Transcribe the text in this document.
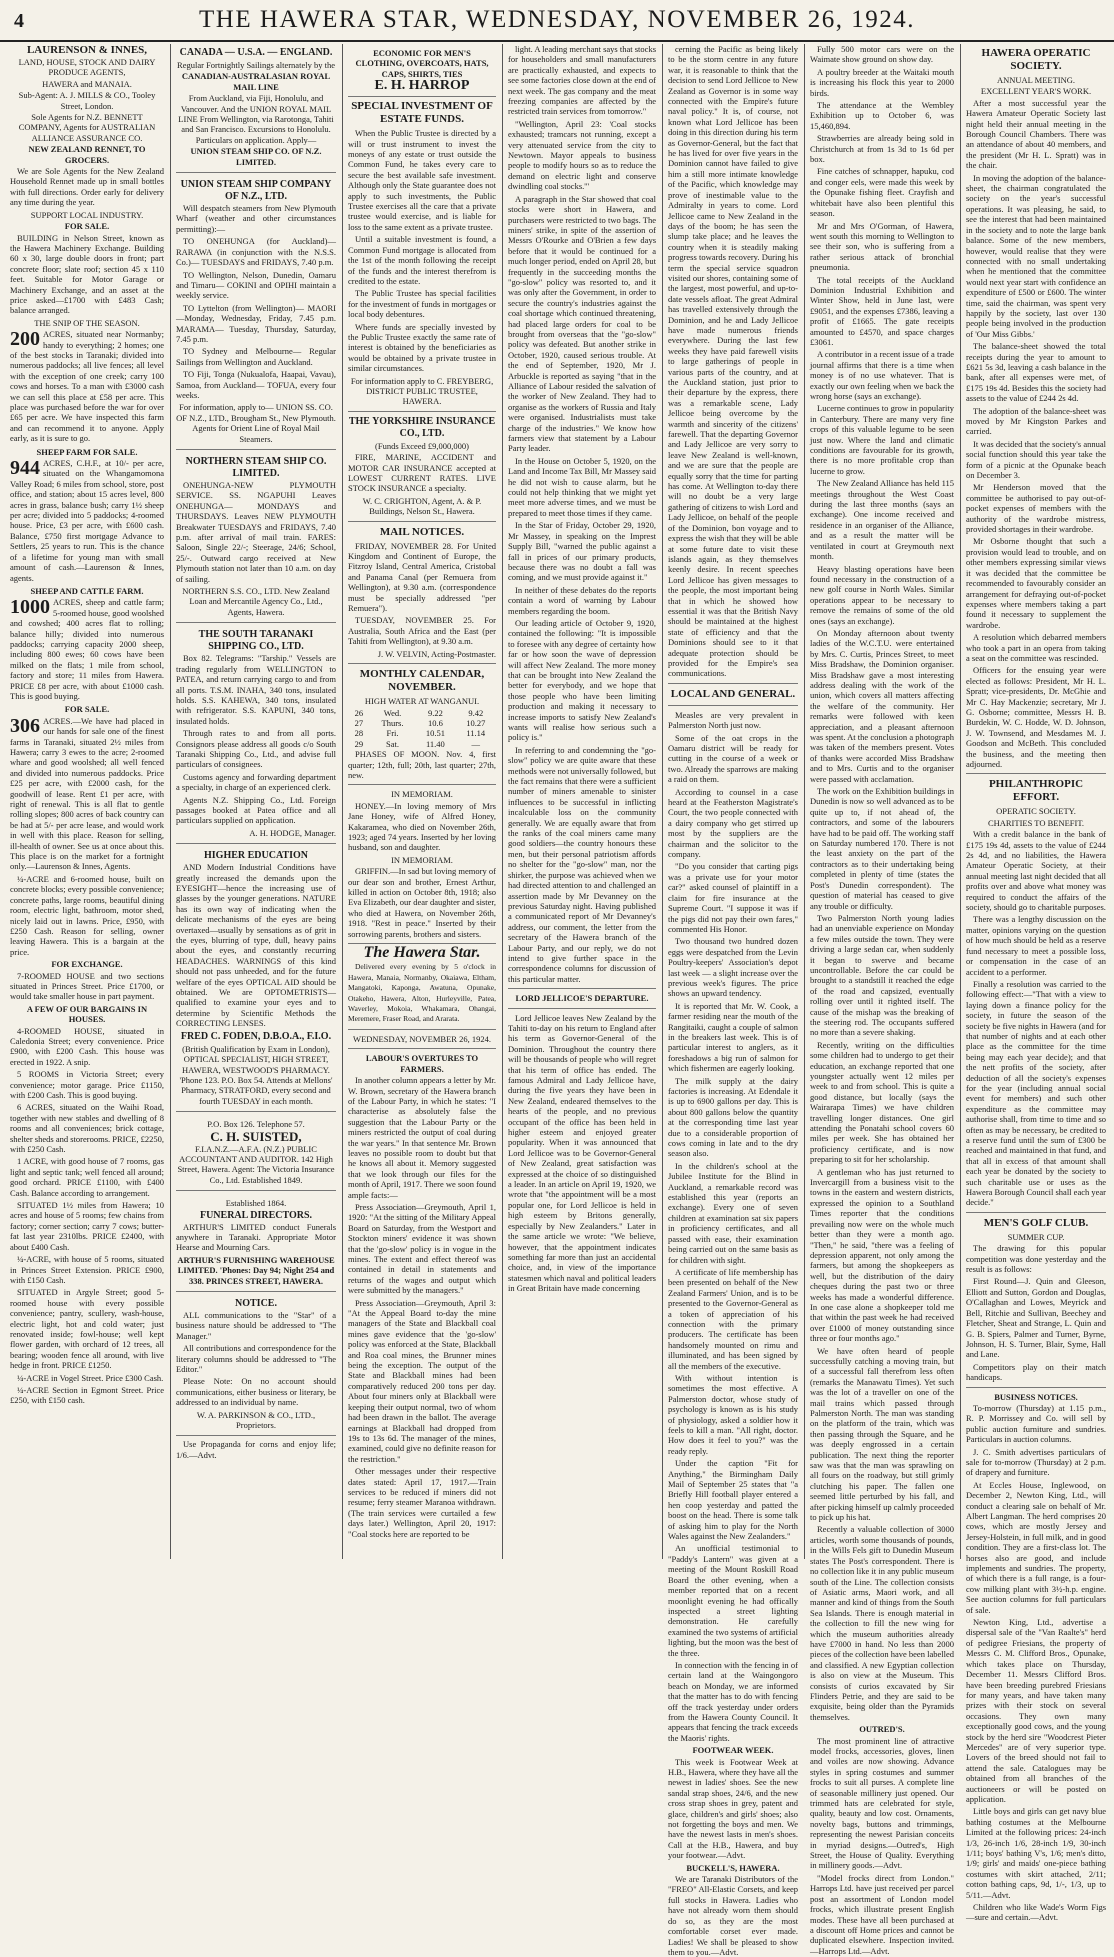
4	THE HAWERA STAR, WEDNESDAY, NOVEMBER 26, 1924.
LAURENSON & INNES,
LAND, HOUSE, STOCK AND DAIRY PRODUCE AGENTS,
HAWERA and MANAIA.
Sub-Agent: A. J. MILLS & CO., Tooley Street, London.
Sole Agents for N.Z. BENNETT COMPANY, Agents for AUSTRALIAN ALLIANCE ASSURANCE CO.
NEW ZEALAND RENNET, TO GROCERS.

We are Sole Agents for the New Zealand Household Rennet made up in small bottles with full directions. Order early for delivery any time during the year.

SUPPORT LOCAL INDUSTRY.
FOR SALE.

BUILDING in Nelson Street, known as the Hawera Machinery Exchange. Building 60 x 30, large double doors in front; part concrete floor; slate roof; section 45 x 110 feet. Suitable for Motor Garage or Machinery Exchange, and an asset at the price asked—£1700 with £483 Cash; balance arranged.

THE SNIP OF THE SEASON.

200 ACRES, situated near Normanby; handy to everything; 2 homes; one of the best stocks in Taranaki; divided into numerous paddocks; all live fences; all level with the exception of one creek; carry 100 cows and horses. To a man with £3000 cash we can sell this place at £58 per acre. This place was purchased before the war for over £65 per acre. We have inspected this farm and can recommend it to anyone. Apply early, as it is sure to go.

SHEEP FARM FOR SALE.

944 ACRES, C.H.F., at 10/- per acre, situated on the Whangamomona Valley Road; 6 miles from school, store, post office, and station; about 15 acres level, 800 acres in grass, balance bush; carry 1½ sheep per acre; divided into 5 paddocks; 4-roomed house. Price, £3 per acre, with £600 cash. Balance, £750 first mortgage Advance to Settlers, 25 years to run. This is the chance of a lifetime for young man with small amount of cash.—Laurenson & Innes, agents.

SHEEP AND CATTLE FARM.

1000 ACRES, sheep and cattle farm; 5-roomed house, good woolshed and cowshed; 400 acres flat to rolling; balance hilly; divided into numerous paddocks; carrying capacity 2000 sheep, including 800 ewes; 60 cows have been milked on the flats; 1 mile from school, factory and store; 11 miles from Hawera. PRICE £8 per acre, with about £1000 cash. This is good buying.

FOR SALE.

306 ACRES.—We have had placed in our hands for sale one of the finest farms in Taranaki, situated 2½ miles from Hawera; carry 3 ewes to the acre; 2-roomed whare and good woolshed; all well fenced and divided into numerous paddocks. Price £25 per acre, with £2000 cash, for the goodwill of lease. Rent £1 per acre, with right of renewal. This is all flat to gentle rolling slopes; 800 acres of back country can be had at 5/- per acre lease, and would work in well with this place. Reason for selling, ill-health of owner. See us at once about this. This place is on the market for a fortnight only.—Laurenson & Innes, Agents.

¼-ACRE and 6-roomed house, built on concrete blocks; every possible convenience; concrete paths, large rooms, beautiful dining room, electric light, bathroom, motor shed, nicely laid out in lawns. Price, £950, with £250 Cash. Reason for selling, owner leaving Hawera. This is a bargain at the price.

FOR EXCHANGE.

7-ROOMED HOUSE and two sections situated in Princes Street. Price £1700, or would take smaller house in part payment.

A FEW OF OUR BARGAINS IN HOUSES.

4-ROOMED HOUSE, situated in Caledonia Street; every convenience. Price £900, with £200 Cash. This house was erected in 1922. A snip.

5 ROOMS in Victoria Street; every convenience; motor garage. Price £1150, with £200 Cash. This is good buying.

6 ACRES, situated on the Waihi Road, together with new stables and dwelling of 8 rooms and all conveniences; brick cottage, shelter sheds and storerooms. PRICE, £2250, with £250 Cash.

1 ACRE, with good house of 7 rooms, gas light and septic tank; well fenced all around; good orchard. PRICE £1100, with £400 Cash. Balance according to arrangement.

SITUATED 1½ miles from Hawera; 10 acres and house of 5 rooms; few chains from factory; corner section; carry 7 cows; butter-fat last year 2310lbs. PRICE £2400, with about £400 Cash.

¼-ACRE, with house of 5 rooms, situated in Princes Street Extension. PRICE £900, with £150 Cash.

SITUATED in Argyle Street; good 5-roomed house with every possible convenience; pantry, scullery, wash-house, electric light, hot and cold water; just renovated inside; fowl-house; well kept flower garden, with orchard of 12 trees, all bearing; wooden fence all around, with live hedge in front. PRICE £1250.

¼-ACRE in Vogel Street. Price £300 Cash.

¼-ACRE Section in Egmont Street. Price £250, with £150 cash.

CANADA — U.S.A. — ENGLAND.
Regular Fortnightly Sailings alternately by the
CANADIAN-AUSTRALASIAN ROYAL MAIL LINE
From Auckland, via Fiji, Honolulu, and Vancouver. And the UNION ROYAL MAIL LINE From Wellington, via Rarotonga, Tahiti and San Francisco. Excursions to Honolulu. Particulars on application. Apply—
UNION STEAM SHIP CO. OF N.Z. LIMITED.
UNION STEAM SHIP COMPANY OF N.Z., LTD.

Will despatch steamers from New Plymouth Wharf (weather and other circumstances permitting):—

TO ONEHUNGA (for Auckland)—RARAWA (in conjunction with the N.S.S. Co.)— TUESDAYS and FRIDAYS, 7.40 p.m.

TO Wellington, Nelson, Dunedin, Oamaru and Timaru— COKINI and OPIHI maintain a weekly service.

TO Lyttelton (from Wellington)— MAORI—Monday, Wednesday, Friday, 7.45 p.m. MARAMA— Tuesday, Thursday, Saturday, 7.45 p.m.

TO Sydney and Melbourne— Regular Sailings from Wellington and Auckland.

TO Fiji, Tonga (Nukualofa, Haapai, Vavau), Samoa, from Auckland— TOFUA, every four weeks.

For information, apply to— UNION SS. CO. OF N.Z., LTD., Brougham St., New Plymouth. Agents for Orient Line of Royal Mail Steamers.
NORTHERN STEAM SHIP CO. LIMITED.

ONEHUNGA-NEW PLYMOUTH SERVICE. SS. NGAPUHI Leaves ONEHUNGA— MONDAYS and THURSDAYS. Leaves NEW PLYMOUTH Breakwater TUESDAYS and FRIDAYS, 7.40 p.m. after arrival of mail train. FARES: Saloon, Single 22/-; Steerage, 24/6; School, 25/-. Outward cargo received at New Plymouth station not later than 10 a.m. on day of sailing.

NORTHERN S.S. CO., LTD. New Zealand Loan and Mercantile Agency Co., Ltd., Agents, Hawera.
THE SOUTH TARANAKI SHIPPING CO., LTD.

Box 82. Telegrams: "Tarship." Vessels are trading regularly from WELLINGTON to PATEA, and return carrying cargo to and from all ports. T.S.M. INAHA, 340 tons, insulated holds. S.S. KAHEWA, 340 tons, insulated with refrigerator. S.S. KAPUNI, 340 tons, insulated holds.

Through rates to and from all ports. Consignors please address all goods c/o South Taranaki Shipping Co., Ltd., and advise full particulars of consignees.

Customs agency and forwarding department a specialty, in charge of an experienced clerk.

Agents N.Z. Shipping Co., Ltd. Foreign passages booked at Patea office and all particulars supplied on application.

A. H. HODGE, Manager.
HIGHER EDUCATION

AND Modern Industrial Conditions have greatly increased the demands upon the EYESIGHT—hence the increasing use of glasses by the younger generations. NATURE has its own way of indicating when the delicate mechanisms of the eyes are being overtaxed—usually by sensations as of grit in the eyes, blurring of type, dull, heavy pains about the eyes, and constantly recurring HEADACHES. WARNINGS of this kind should not pass unheeded, and for the future welfare of the eyes OPTICAL AID should be obtained. We are OPTOMETRISTS—qualified to examine your eyes and to determine by Scientific Methods the CORRECTING LENSES.

FRED C. FODEN, D.B.O.A., F.I.O.
(British Qualification by Exam in London), OPTICAL SPECIALIST, HIGH STREET, HAWERA, WESTWOOD'S PHARMACY. 'Phone 123. P.O. Box 54. Attends at Mellons' Pharmacy, STRATFORD, every second and fourth TUESDAY in each month.
P.O. Box 126. Telephone 57.
C. H. SUISTED,
F.I.A.N.Z.—A.F.A. (N.Z.) PUBLIC ACCOUNTANT AND AUDITOR. 142 High Street, Hawera. Agent: The Victoria Insurance Co., Ltd. Established 1849.
Established 1864.
FUNERAL DIRECTORS.

ARTHUR'S LIMITED conduct Funerals anywhere in Taranaki. Appropriate Motor Hearse and Mourning Cars.

ARTHUR'S FURNISHING WAREHOUSE LIMITED. 'Phones: Day 94; Night 254 and 338. PRINCES STREET, HAWERA.
NOTICE.

ALL communications to the "Star" of a business nature should be addressed to "The Manager."

All contributions and correspondence for the literary columns should be addressed to "The Editor."

Please Note: On no account should communications, either business or literary, be addressed to an individual by name.

W. A. PARKINSON & CO., LTD., Proprietors.

Use Propaganda for corns and enjoy life; 1/6.—Advt.

ECONOMIC FOR MEN'S CLOTHING, OVERCOATS, HATS, CAPS, SHIRTS, TIES
E. H. HARROP
SPECIAL INVESTMENT OF ESTATE FUNDS.

When the Public Trustee is directed by a will or trust instrument to invest the moneys of any estate or trust outside the Common Fund, he takes every care to secure the best available safe investment. Although only the State guarantee does not apply to such investments, the Public Trustee exercises all the care that a private trustee would exercise, and is liable for loss to the same extent as a private trustee.

Until a suitable investment is found, a Common Fund mortgage is allocated from the 1st of the month following the receipt of the funds and the interest therefrom is credited to the estate.

The Public Trustee has special facilities for the investment of funds in mortgages or local body debentures.

Where funds are specially invested by the Public Trustee exactly the same rate of interest is obtained by the beneficiaries as would be obtained by a private trustee in similar circumstances.

For information apply to C. FREYBERG, DISTRICT PUBLIC TRUSTEE, HAWERA.
THE YORKSHIRE INSURANCE CO., LTD.
(Funds Exceed £9,000,000)

FIRE, MARINE, ACCIDENT and MOTOR CAR INSURANCE accepted at LOWEST CURRENT RATES. LIVE STOCK INSURANCE a specialty.

W. C. CRIGHTON, Agent, A. & P. Buildings, Nelson St., Hawera.
MAIL NOTICES.

FRIDAY, NOVEMBER 28. For United Kingdom and Continent of Europe, the Fitzroy Island, Central America, Cristobal and Panama Canal (per Remuera from Wellington), at 9.30 a.m. (correspondence must be specially addressed "per Remuera").

TUESDAY, NOVEMBER 25. For Australia, South Africa and the East (per Tahiti from Wellington), at 9.30 a.m.

J. W. VELVIN, Acting-Postmaster.
MONTHLY CALENDAR, NOVEMBER.
HIGH WATER AT WANGANUI.
26	Wed.	9.22	9.42
27	Thurs.	10.6	10.27
28	Fri.	10.51	11.14
29	Sat.	11.40	—

PHASES OF MOON. Nov. 4, first quarter; 12th, full; 20th, last quarter; 27th, new.

IN MEMORIAM.

HONEY.—In loving memory of Mrs Jane Honey, wife of Alfred Honey, Kakaramea, who died on November 26th, 1923; aged 74 years. Inserted by her loving husband, son and daughter.

IN MEMORIAM.

GRIFFIN.—In sad but loving memory of our dear son and brother, Ernest Arthur, killed in action on October 8th, 1918; also Eva Elizabeth, our dear daughter and sister, who died at Hawera, on November 26th, 1918. "Rest in peace." Inserted by their sorrowing parents, brothers and sisters.

The Hawera Star.

Delivered every evening by 5 o'clock in Hawera, Manaia, Normanby, Okaiawa, Eltham, Mangatoki, Kaponga, Awatuna, Opunake, Otakeho, Hawera, Alton, Hurleyville, Patea, Waverley, Mokoia, Whakamara, Ohangai, Meremere, Fraser Road, and Ararata.

WEDNESDAY, NOVEMBER 26, 1924.
LABOUR'S OVERTURES TO FARMERS.

In another column appears a letter by Mr. W. Brown, secretary of the Hawera branch of the Labour Party, in which he states: "I characterise as absolutely false the suggestion that the Labour Party or the miners restricted the output of coal during the war years." In that sentence Mr. Brown leaves no possible room to doubt but that he knows all about it. Memory suggested that we look through our files for the month of April, 1917. There we soon found ample facts:—

Press Association—Greymouth, April 1, 1920: "At the sitting of the Military Appeal Board on Saturday, from the Westport and Stockton miners' evidence it was shown that the 'go-slow' policy is in vogue in the mines. The extent and effect thereof was contained in detail in statements and returns of the wages and output which were submitted by the managers."

Press Association—Greymouth, April 3: "At the Appeal Board to-day the mine managers of the State and Blackball coal mines gave evidence that the 'go-slow' policy was enforced at the State, Blackball and Roa coal mines, the Brunner mines being the exception. The output of the State and Blackball mines had been comparatively reduced 200 tons per day. About four miners only at Blackball were keeping their output normal, two of whom had been drawn in the ballot. The average earnings at Blackball had dropped from 19s to 13s 6d. The manager of the mines, examined, could give no definite reason for the restriction."

Other messages under their respective dates stated: April 17, 1917.—Train services to be reduced if miners did not resume; ferry steamer Maranoa withdrawn. (The train services were curtailed a few days later.) Wellington, April 20, 1917: "Coal stocks here are reported to be

light. A leading merchant says that stocks for householders and small manufacturers are practically exhausted, and expects to see some factories close down at the end of next week. The gas company and the meat freezing companies are affected by the restricted train services from tomorrow."

"Wellington, April 23: 'Coal stocks exhausted; tramcars not running, except a very attenuated service from the city to Newtown. Mayor appeals to business people to modify hours so as to reduce the demand on electric light and conserve dwindling coal stocks.'"

A paragraph in the Star showed that coal stocks were short in Hawera, and purchasers were restricted to two bags. The miners' strike, in spite of the assertion of Messrs O'Rourke and O'Brien a few days before that it would be continued for a much longer period, ended on April 28, but frequently in the succeeding months the "go-slow" policy was resorted to, and it was only after the Government, in order to secure the country's industries against the coal shortage which continued threatening, had placed large orders for coal to be brought from overseas that the "go-slow" policy was defeated. But another strike in October, 1920, caused serious trouble. At the end of September, 1920, Mr J. Arbuckle is reported as saying "that in the Alliance of Labour resided the salvation of the worker of New Zealand. They had to organise as the workers of Russia and Italy were organised. Industrialists must take charge of the industries." We know how farmers view that statement by a Labour Party leader.

In the House on October 5, 1920, on the Land and Income Tax Bill, Mr Massey said he did not wish to cause alarm, but he could not help thinking that we might yet meet more adverse times, and we must be prepared to meet those times if they came.

In the Star of Friday, October 29, 1920, Mr Massey, in speaking on the Imprest Supply Bill, "warned the public against a fall in prices of our primary products, because there was no doubt a fall was coming, and we must provide against it."

In neither of these debates do the reports contain a word of warning by Labour members regarding the boom.

Our leading article of October 9, 1920, contained the following: "It is impossible to foresee with any degree of certainty how far or how soon the wave of depression will affect New Zealand. The more money that can be brought into New Zealand the better for everybody, and we hope that those people who have been limiting production and making it necessary to increase imports to satisfy New Zealand's wants will realise how serious such a policy is."

In referring to and condemning the "go-slow" policy we are quite aware that these methods were not universally followed, but the fact remains that there were a sufficient number of miners amenable to sinister influences to be successful in inflicting incalculable loss on the community generally. We are equally aware that from the ranks of the coal miners came many good soldiers—the country honours these men, but their personal patriotism affords no shelter for the "go-slow" man, nor the shirker, the purpose was achieved when we had directed attention to and challenged an assertion made by Mr Devanney on the previous Saturday night. Having published a communicated report of Mr Devanney's address, our comment, the letter from the secretary of the Hawera branch of the Labour Party, and our reply, we do not intend to give further space in the correspondence columns for discussion of this particular matter.

LORD JELLICOE'S DEPARTURE.

Lord Jellicoe leaves New Zealand by the Tahiti to-day on his return to England after his term as Governor-General of the Dominion. Throughout the country there will be thousands of people who will regret that his term of office has ended. The famous Admiral and Lady Jellicoe have, during the five years they have been in New Zealand, endeared themselves to the hearts of the people, and no previous occupant of the office has been held in higher esteem and enjoyed greater popularity. When it was announced that Lord Jellicoe was to be Governor-General of New Zealand, great satisfaction was expressed at the choice of so distinguished a leader. In an article on April 19, 1920, we wrote that "the appointment will be a most popular one, for Lord Jellicoe is held in high esteem by Britons generally, especially by New Zealanders." Later in the same article we wrote: "We believe, however, that the appointment indicates something far more than just an accidental choice, and, in view of the importance statesmen which naval and political leaders in Great Britain have made concerning

cerning the Pacific as being likely to be the storm centre in any future war, it is reasonable to think that the decision to send Lord Jellicoe to New Zealand as Governor is in some way connected with the Empire's future naval policy." It is, of course, not known what Lord Jellicoe has been doing in this direction during his term as Governor-General, but the fact that he has lived for over five years in the Dominion cannot have failed to give him a still more intimate knowledge of the Pacific, which knowledge may prove of inestimable value to the Admiralty in years to come. Lord Jellicoe came to New Zealand in the days of the boom; he has seen the slump take place; and he leaves the country when it is steadily making progress towards recovery. During his term the special service squadron visited our shores, containing some of the largest, most powerful, and up-to-date vessels afloat. The great Admiral has travelled extensively through the Dominion, and he and Lady Jellicoe have made numerous friends everywhere. During the last few weeks they have paid farewell visits to large gatherings of people in various parts of the country, and at the Auckland station, just prior to their departure by the express, there was a remarkable scene, Lady Jellicoe being overcome by the warmth and sincerity of the citizens' farewell. That the departing Governor and Lady Jellicoe are very sorry to leave New Zealand is well-known, and we are sure that the people are equally sorry that the time for parting has come. At Wellington to-day there will no doubt be a very large gathering of citizens to wish Lord and Lady Jellicoe, on behalf of the people of the Dominion, bon voyage and to express the wish that they will be able at some future date to visit these islands again, as they themselves keenly desire. In recent speeches Lord Jellicoe has given messages to the people, the most important being that in which he showed how essential it was that the British Navy should be maintained at the highest state of efficiency and that the Dominions should see to it that adequate protection should be provided for the Empire's sea communications.

LOCAL AND GENERAL.

Measles are very prevalent in Palmerston North just now.

Some of the oat crops in the Oamaru district will be ready for cutting in the course of a week or two. Already the sparrows are making a raid on them.

According to counsel in a case heard at the Featherston Magistrate's Court, the two people connected with a dairy company who get stirred up most by the suppliers are the chairman and the solicitor to the company.

"Do you consider that carting pigs was a private use for your motor car?" asked counsel of plaintiff in a claim for fire insurance at the Supreme Court. "I suppose it was if the pigs did not pay their own fares," commented His Honor.

Two thousand two hundred dozen eggs were despatched from the Levin Poultry-keepers' Association's depot last week — a slight increase over the previous week's figures. The price shows an upward tendency.

It is reported that Mr. W. Cook, a farmer residing near the mouth of the Rangitaiki, caught a couple of salmon in the breakers last week. This is of particular interest to anglers, as it foreshadows a big run of salmon for which fishermen are eagerly looking.

The milk supply at the dairy factories is increasing. At Edendale it is up to 6900 gallons per day. This is about 800 gallons below the quantity at the corresponding time last year due to a considerable proportion of cows coming in late and to the dry season also.

In the children's school at the Jubilee Institute for the Blind in Auckland, a remarkable record was established this year (reports an exchange). Every one of seven children at examination sat six papers in proficiency certificates, and all passed with ease, their examination being carried out on the same basis as for children with sight.

A certificate of life membership has been presented on behalf of the New Zealand Farmers' Union, and is to be presented to the Governor-General as a token of appreciation of his connection with the primary producers. The certificate has been handsomely mounted on rimu and illuminated, and has been signed by all the members of the executive.

With without intention is sometimes the most effective. A Palmerston doctor, whose study of psychology is known as is his study of physiology, asked a soldier how it feels to kill a man. "All right, doctor. How does it feel to you?" was the ready reply.

Under the caption "Fit for Anything," the Birmingham Daily Mail of September 25 states that "a Briefly Hill football player entered a hen coop yesterday and patted the boost on the head. There is some talk of asking him to play for the North Wales against the New Zealanders."

An unofficial testimonial to "Paddy's Lantern" was given at a meeting of the Mount Roskill Road Board the other evening, when a member reported that on a recent moonlight evening he had offically inspected a street lighting demonstration. He carefully examined the two systems of artificial lighting, but the moon was the best of the three.

In connection with the fencing in of certain land at the Waingongoro beach on Monday, we are informed that the matter has to do with fencing off the track yesterday under orders from the Hawera County Council. It appears that fencing the track exceeds the Maoris' rights.

FOOTWEAR WEEK.

This week is Footwear Week at H.B., Hawera, where they have all the newest in ladies' shoes. See the new sandal strap shoes, 24/6, and the new cross strap shoes in grey, patent and glace, children's and girls' shoes; also not forgetting the boys and men. We have the newest lasts in men's shoes. Call at the H.B., Hawera, and buy your footwear.—Advt.

BUCKELL'S, HAWERA.

We are Taranaki Distributors of the "FREO" All-Elastic Corsets, and keep full stocks in Hawera. Ladies who have not already worn them should do so, as they are the most comfortable corset ever made. Ladies! We shall be pleased to show them to you.—Advt.

Fully 500 motor cars were on the Waimate show ground on show day.

A poultry breeder at the Waitaki mouth is increasing his flock this year to 2000 birds.

The attendance at the Wembley Exhibition up to October 6, was 15,460,894.

Strawberries are already being sold in Christchurch at from 1s 3d to 1s 6d per box.

Fine catches of schnapper, hapuku, cod and conger eels, were made this week by the Opunake fishing fleet. Crayfish and whitebait have also been plentiful this season.

Mr and Mrs O'Gorman, of Hawera, went south this morning to Wellington to see their son, who is suffering from a rather serious attack of bronchial pneumonia.

The total receipts of the Auckland Dominion Industrial Exhibition and Winter Show, held in June last, were £9051, and the expenses £7386, leaving a profit of £1665. The gate receipts amounted to £4570, and space charges £3061.

A contributor in a recent issue of a trade journal affirms that there is a time when money is of no use whatever. That is exactly our own feeling when we back the wrong horse (says an exchange).

Lucerne continues to grow in popularity in Canterbury. There are many very fine crops of this valuable legume to be seen just now. Where the land and climatic conditions are favourable for its growth, there is no more profitable crop than lucerne to grow.

The New Zealand Alliance has held 115 meetings throughout the West Coast during the last three months (says an exchange). One income received and residence in an organiser of the Alliance, and as a result the matter will be ventilated in court at Greymouth next month.

Heavy blasting operations have been found necessary in the construction of a new golf course in North Wales. Similar operations appear to be necessary to remove the remains of some of the old ones (says an exchange).

On Monday afternoon about twenty ladies of the W.C.T.U. were entertained by Mrs. C. Curtis, Princes Street, to meet Miss Bradshaw, the Dominion organiser. Miss Bradshaw gave a most interesting address dealing with the work of the union, which covers all matters affecting the welfare of the community. Her remarks were followed with keen appreciation, and a pleasant afternoon was spent. At the conclusion a photograph was taken of the members present. Votes of thanks were accorded Miss Bradshaw and to Mrs. Curtis and to the organiser were passed with acclamation.

The work on the Exhibition buildings in Dunedin is now so well advanced as to be quite up to, if not ahead of, the contractors, and some of the labourers have had to be paid off. The working staff on Saturday numbered 170. There is not the least anxiety on the part of the contractors as to their undertaking being completed in plenty of time (states the Post's Dunedin correspondent). The question of material has ceased to give any trouble or difficulty.

Two Palmerston North young ladies had an unenviable experience on Monday a few miles outside the town. They were driving a large sedan car, when suddenly it began to swerve and became uncontrollable. Before the car could be brought to a standstill it reached the edge of the road and capsized, eventually rolling over until it righted itself. The cause of the mishap was the breaking of the steering rod. The occupants suffered no more than a severe shaking.

Recently, writing on the difficulties some children had to undergo to get their education, an exchange reported that one youngster actually went 12 miles per week to and from school. This is quite a good distance, but locally (says the Wairarapa Times) we have children travelling longer distances. One girl attending the Ponatahi school covers 60 miles per week. She has obtained her proficiency certificate, and is now preparing to sit for her scholarship.

A gentleman who has just returned to Invercargill from a business visit to the towns in the eastern and western districts, expressed the opinion to a Southland Times reporter that the conditions prevailing now were on the whole much better than they were a month ago. "Then," he said, "there was a feeling of depression apparent, not only among the farmers, but among the shopkeepers as well, but the distribution of the dairy cheques during the past two or three weeks has made a wonderful difference. In one case alone a shopkeeper told me that within the past week he had received over £1000 of money outstanding since three or four months ago."

We have often heard of people successfully catching a moving train, but of a successful fall therefrom less often (remarks the Manawatu Times). Yet such was the lot of a traveller on one of the mail trains which passed through Palmerston North. The man was standing on the platform of the train, which was then passing through the Square, and he was deeply engrossed in a certain publication. The next thing the reporter saw was that the man was sprawling on all fours on the roadway, but still grimly clutching his paper. The fallen one seemed little perturbed by his fall, and after picking himself up calmly proceeded to pick up his hat.

Recently a valuable collection of 3000 articles, worth some thousands of pounds, in the Wills Fels gift to Dunedin Museum states The Post's correspondent. There is no collection like it in any public museum south of the Line. The collection consists of Asiatic arms, Maori work, and all manner and kind of things from the South Sea Islands. There is enough material in the collection to fill the new wing for which the museum authorities already have £7000 in hand. No less than 2000 pieces of the collection have been labelled and classified. A new Egyptian collection is also on view at the Museum. This consists of curios excavated by Sir Flinders Petrie, and they are said to be exquisite, being older than the Pyramids themselves.

OUTRED'S.

The most prominent line of attractive model frocks, accessories, gloves, linen and voiles are now showing. Advance styles in spring costumes and summer frocks to suit all purses. A complete line of seasonable millinery just opened. Our trimmed hats are celebrated for style, quality, beauty and low cost. Ornaments, novelty bags, buttons and trimmings, representing the newest Parisian conceits in myriad designs.—Outred's, High Street, the House of Quality. Everything in millinery goods.—Advt.

"Model frocks direct from London." Harrops Ltd. have just received per parcel post an assortment of London model frocks, which illustrate present English modes. These have all been purchased at a discount off Home prices and cannot be duplicated elsewhere. Inspection invited.—Harrops Ltd.—Advt.

HAWERA OPERATIC SOCIETY.
ANNUAL MEETING.
EXCELLENT YEAR'S WORK.

After a most successful year the Hawera Amateur Operatic Society last night held their annual meeting in the Borough Council Chambers. There was an attendance of about 40 members, and the president (Mr H. L. Spratt) was in the chair.

In moving the adoption of the balance-sheet, the chairman congratulated the society on the year's successful operations. It was pleasing, he said, to see the interest that had been maintained in the society and to note the large bank balance. Some of the new members, however, would realise that they were connected with no small undertaking when he mentioned that the committee would next year start with confidence an expenditure of £500 or £600. The winter time, said the chairman, was spent very happily by the society, last over 130 people being involved in the production of 'Our Miss Gibbs.'

The balance-sheet showed the total receipts during the year to amount to £621 5s 3d, leaving a cash balance in the bank, after all expenses were met, of £175 19s 4d. Besides this the society had assets to the value of £244 2s 4d.

The adoption of the balance-sheet was moved by Mr Kingston Parkes and carried.

It was decided that the society's annual social function should this year take the form of a picnic at the Opunake beach on December 3.

Mr Henderson moved that the committee be authorised to pay out-of-pocket expenses of members with the authority of the wardrobe mistress, provided shortages in their wardrobe.

Mr Osborne thought that such a provision would lead to trouble, and on other members expressing similar views it was decided that the committee be recommended to favourably consider an arrangement for defraying out-of-pocket expenses where members taking a part found it necessary to supplement the wardrobe.

A resolution which debarred members who took a part in an opera from taking a seat on the committee was rescinded.

Officers for the ensuing year were elected as follows: President, Mr H. L. Spratt; vice-presidents, Dr. McGhie and Mr C. Hay Mackenzie; secretary, Mr J. G. Osborne; committee, Messrs H. B. Burdekin, W. C. Hodde, W. D. Johnson, J. W. Townsend, and Mesdames M. J. Goodson and McBeth. This concluded the business, and the meeting then adjourned.

PHILANTHROPIC EFFORT.
OPERATIC SOCIETY.
CHARITIES TO BENEFIT.

With a credit balance in the bank of £175 19s 4d, assets to the value of £244 2s 4d, and no liabilities, the Hawera Amateur Operatic Society, at their annual meeting last night decided that all profits over and above what money was required to conduct the affairs of the society, should go to charitable purposes.

There was a lengthy discussion on the matter, opinions varying on the question of how much should be held as a reserve fund necessary to meet a possible loss, or compensation in the case of an accident to a performer.

Finally a resolution was carried to the following effect:—"That with a view to laying down a finance policy for the society, in future the season of the society be five nights in Hawera (and for that number of nights and at each other place as the committee for the time being may each year decide); and that the nett profits of the society, after deduction of all the society's expenses for the year (including annual social event for members) and such other expenditure as the committee may authorise shall, from time to time and so often as may be necessary, be credited to a reserve fund until the sum of £300 be reached and maintained in that fund, and that all in excess of that amount shall each year be donated by the society to such charitable use or uses as the Hawera Borough Council shall each year decide."

MEN'S GOLF CLUB.
SUMMER CUP.

The drawing for this popular competition was done yesterday and the result is as follows:

First Round—J. Quin and Gleeson, Elliott and Sutton, Gordon and Douglas, O'Callaghan and Lowes, Meyrick and Bell, Ritchie and Sullivan, Beechey and Fletcher, Sheat and Strange, L. Quin and G. B. Spiers, Palmer and Turner, Byrne, Johnson, H. S. Turner, Blair, Syme, Hall and Lane.

Competitors play on their match handicaps.

BUSINESS NOTICES.

To-morrow (Thursday) at 1.15 p.m., R. P. Morrissey and Co. will sell by public auction furniture and sundries. Particulars in auction columns.

J. C. Smith advertises particulars of sale for to-morrow (Thursday) at 2 p.m. of drapery and furniture.

At Eccles House, Inglewood, on December 2, Newton King, Ltd., will conduct a clearing sale on behalf of Mr. Albert Langman. The herd comprises 20 cows, which are mostly Jersey and Jersey-Holstein, in full milk, and in good condition. They are a first-class lot. The horses also are good, and include implements and sundries. The property, of which there is a full range, is a four-cow milking plant with 3½-h.p. engine. See auction columns for full particulars of sale.

Newton King, Ltd., advertise a dispersal sale of the "Van Raalte's" herd of pedigree Friesians, the property of Messrs C. M. Clifford Bros., Opunake, which takes place on Thursday, December 11. Messrs Clifford Bros. have been breeding purebred Friesians for many years, and have taken many prizes with their stock on several occasions. They own many exceptionally good cows, and the young stock by the herd sire "Woodcrest Pieter Mercedes" are of very superior type. Lovers of the breed should not fail to attend the sale. Catalogues may be obtained from all branches of the auctioneers or will be posted on application.

Little boys and girls can get navy blue bathing costumes at the Melbourne Limited at the following prices: 24-inch 1/3, 26-inch 1/6, 28-inch 1/9, 30-inch 1/11; boys' bathing V's, 1/6; men's ditto, 1/9; girls' and maids' one-piece bathing costumes with skirt attached, 2/11; cotton bathing caps, 9d, 1/-, 1/3, up to 5/11.—Advt.

Children who like Wade's Worm Figs—sure and certain.—Advt.
